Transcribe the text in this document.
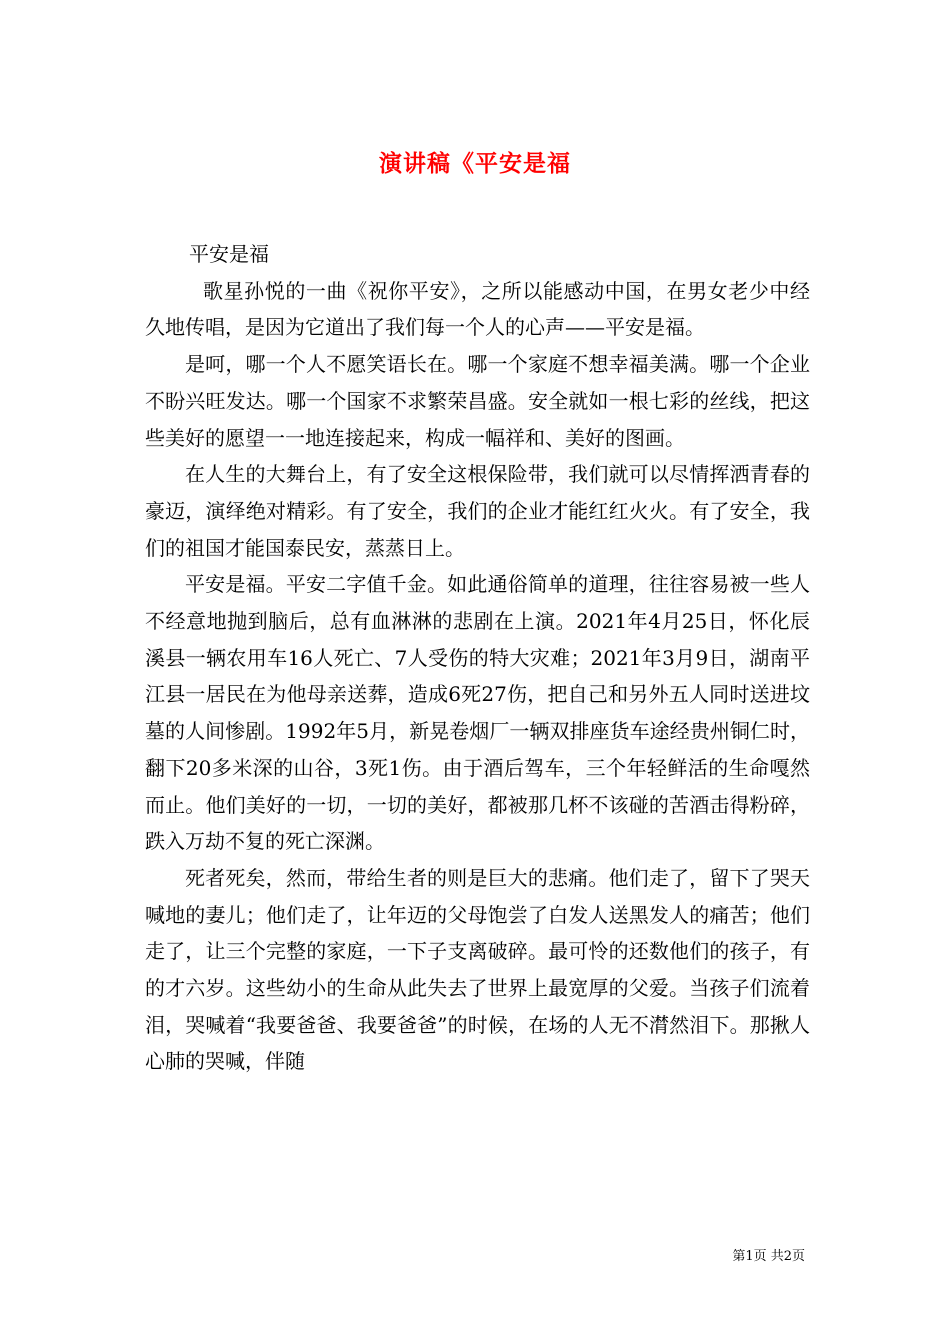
演讲稿《平安是福

平安是福

歌星孙悦的一曲《祝你平安》，之所以能感动中国，在男女老少中经久地传唱，是因为它道出了我们每一个人的心声——平安是福。

是呵，哪一个人不愿笑语长在。哪一个家庭不想幸福美满。哪一个企业不盼兴旺发达。哪一个国家不求繁荣昌盛。安全就如一根七彩的丝线，把这些美好的愿望一一地连接起来，构成一幅祥和、美好的图画。

在人生的大舞台上，有了安全这根保险带，我们就可以尽情挥洒青春的豪迈，演绎绝对精彩。有了安全，我们的企业才能红红火火。有了安全，我们的祖国才能国泰民安，蒸蒸日上。

平安是福。平安二字值千金。如此通俗简单的道理，往往容易被一些人不经意地抛到脑后，总有血淋淋的悲剧在上演。2021年4月25日，怀化辰溪县一辆农用车16人死亡、7人受伤的特大灾难；2021年3月9日，湖南平江县一居民在为他母亲送葬，造成6死27伤，把自己和另外五人同时送进坟墓的人间惨剧。1992年5月，新晃卷烟厂一辆双排座货车途经贵州铜仁时，翻下20多米深的山谷，3死1伤。由于酒后驾车，三个年轻鲜活的生命嘎然而止。他们美好的一切，一切的美好，都被那几杯不该碰的苦酒击得粉碎，跌入万劫不复的死亡深渊。

死者死矣，然而，带给生者的则是巨大的悲痛。他们走了，留下了哭天喊地的妻儿；他们走了，让年迈的父母饱尝了白发人送黑发人的痛苦；他们走了，让三个完整的家庭，一下子支离破碎。最可怜的还数他们的孩子，有的才六岁。这些幼小的生命从此失去了世界上最宽厚的父爱。当孩子们流着泪，哭喊着“我要爸爸、我要爸爸”的时候，在场的人无不潸然泪下。那揪人心肺的哭喊，伴随

第1页 共2页
